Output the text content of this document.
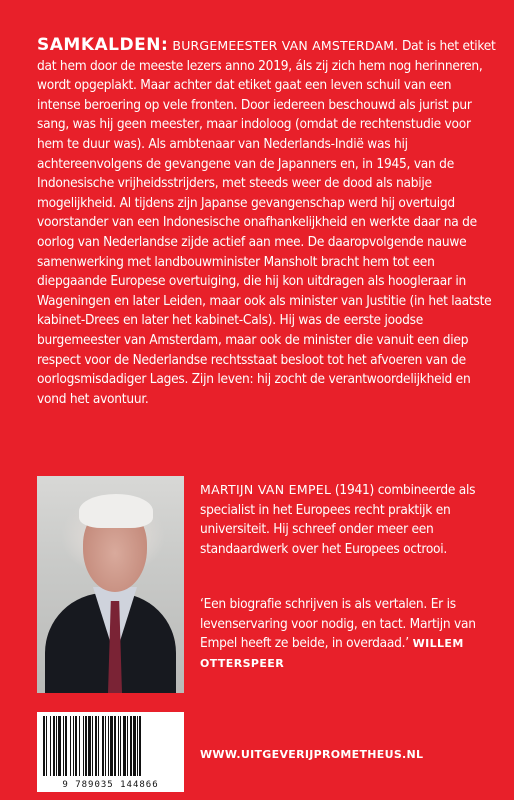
SAMKALDEN: BURGEMEESTER VAN AMSTERDAM. Dat is het etiket dat hem door de meeste lezers anno 2019, áls zij zich hem nog herinneren, wordt opgeplakt. Maar achter dat etiket gaat een leven schuil van een intense beroering op vele fronten. Door iedereen beschouwd als jurist pur sang, was hij geen meester, maar indoloog (omdat de rechtenstudie voor hem te duur was). Als ambtenaar van Nederlands-Indië was hij achtereenvolgens de gevangene van de Japanners en, in 1945, van de Indonesische vrijheidsstrijders, met steeds weer de dood als nabije mogelijkheid. Al tijdens zijn Japanse gevangenschap werd hij overtuigd voorstander van een Indonesische onafhankelijkheid en werkte daar na de oorlog van Nederlandse zijde actief aan mee. De daaropvolgende nauwe samenwerking met landbouwminister Mansholt bracht hem tot een diepgaande Europese overtuiging, die hij kon uitdragen als hoogleraar in Wageningen en later Leiden, maar ook als minister van Justitie (in het laatste kabinet-Drees en later het kabinet-Cals). Hij was de eerste joodse burgemeester van Amsterdam, maar ook de minister die vanuit een diep respect voor de Nederlandse rechtsstaat besloot tot het afvoeren van de oorlogsmisdadiger Lages. Zijn leven: hij zocht de verantwoordelijkheid en vond het avontuur.
MARTIJN VAN EMPEL (1941) combineerde als specialist in het Europees recht praktijk en universiteit. Hij schreef onder meer een standaardwerk over het Europees octrooi.
‘Een biografie schrijven is als vertalen. Er is levenservaring voor nodig, en tact. Martijn van Empel heeft ze beide, in overdaad.’ WILLEM OTTERSPEER
9 789035 144866
WWW.UITGEVERIJPROMETHEUS.NL
